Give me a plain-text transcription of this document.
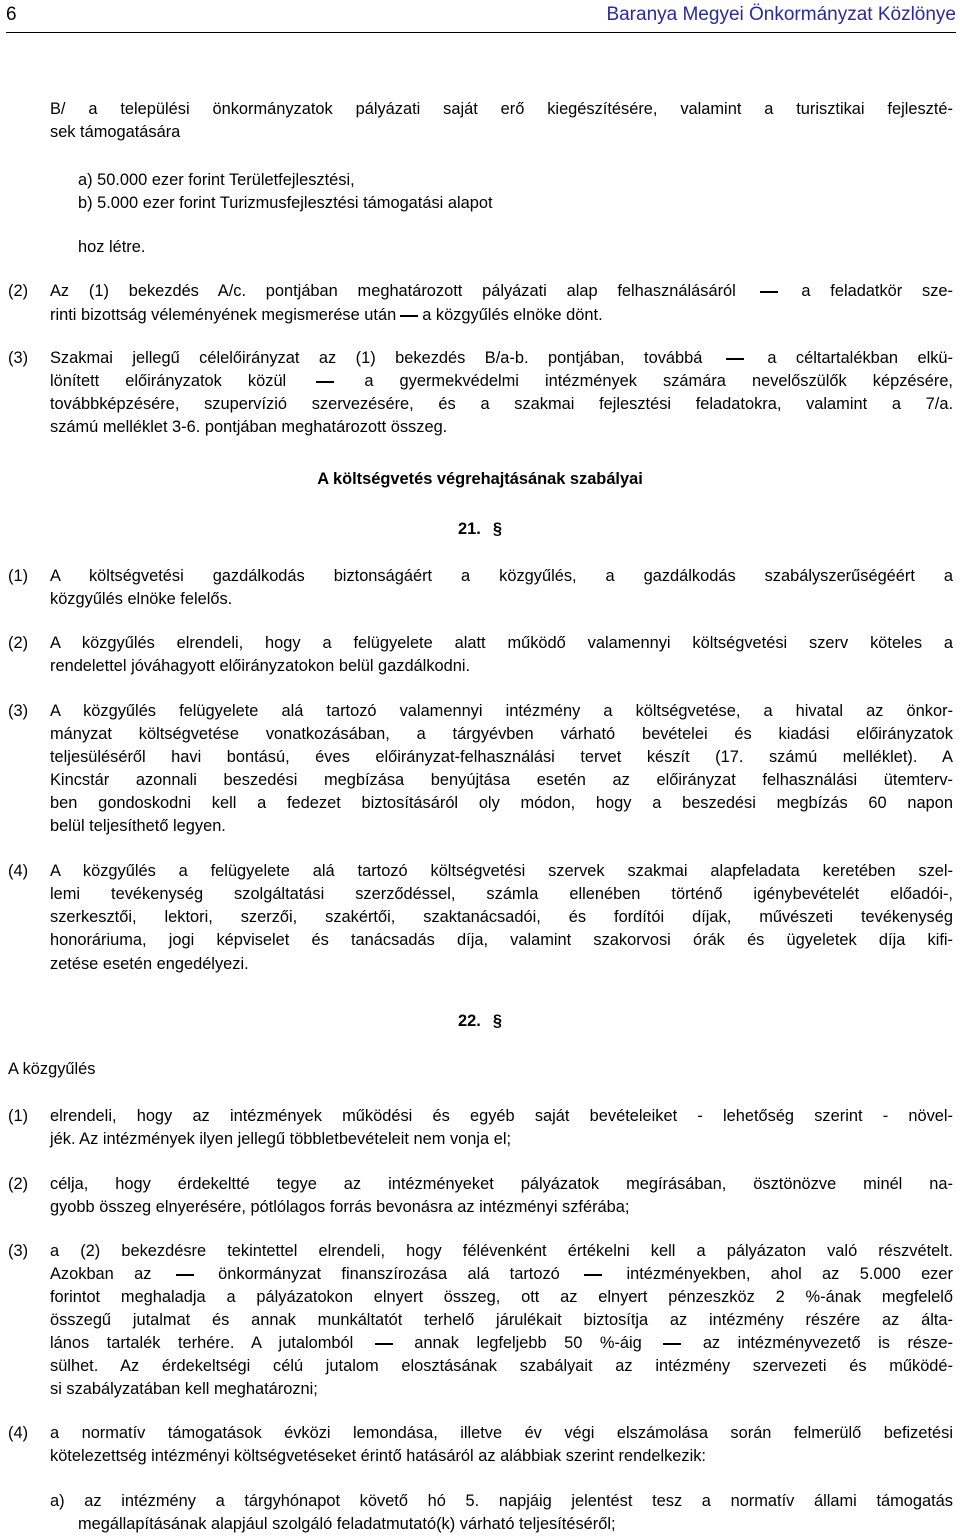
6	Baranya Megyei Önkormányzat Közlönye
B/ a települési önkormányzatok pályázati saját erő kiegészítésére, valamint a turisztikai fejleszté-
sek támogatására
a) 50.000 ezer forint Területfejlesztési,
b) 5.000 ezer forint Turizmusfejlesztési támogatási alapot
hoz létre.
(2) Az (1) bekezdés A/c. pontjában meghatározott pályázati alap felhasználásáról	a feladatkör sze-
rinti bizottság véleményének megismerése után a közgyűlés elnöke dönt.
(3) Szakmai jellegű célelőirányzat az (1) bekezdés B/a-b. pontjában, továbbá	a céltartalékban elkü-
lönített előirányzatok közül	a gyermekvédelmi intézmények számára nevelőszülők képzésére,
továbbképzésére, szupervízió szervezésére, és a szakmai fejlesztési feladatokra, valamint a 7/a.
számú melléklet 3-6. pontjában meghatározott összeg.
A költségvetés végrehajtásának szabályai
21. §
(1) A költségvetési gazdálkodás biztonságáért a közgyűlés, a gazdálkodás szabályszerűségéért a
közgyűlés elnöke felelős.
(2) A közgyűlés elrendeli, hogy a felügyelete alatt működő valamennyi költségvetési szerv köteles a
rendelettel jóváhagyott előirányzatokon belül gazdálkodni.
(3) A közgyűlés felügyelete alá tartozó valamennyi intézmény a költségvetése, a hivatal az önkor-
mányzat költségvetése vonatkozásában, a tárgyévben várható bevételei és kiadási előirányzatok
teljesüléséről havi bontású, éves előirányzat-felhasználási tervet készít (17. számú melléklet). A
Kincstár azonnali beszedési megbízása benyújtása esetén az előirányzat felhasználási ütemterv-
ben gondoskodni kell a fedezet biztosításáról oly módon, hogy a beszedési megbízás 60 napon
belül teljesíthető legyen.
(4) A közgyűlés a felügyelete alá tartozó költségvetési szervek szakmai alapfeladata keretében szel-
lemi tevékenység szolgáltatási szerződéssel, számla ellenében történő igénybevételét előadói-,
szerkesztői, lektori, szerzői, szakértői, szaktanácsadói, és fordítói díjak, művészeti tevékenység
honoráriuma, jogi képviselet és tanácsadás díja, valamint szakorvosi órák és ügyeletek díja kifi-
zetése esetén engedélyezi.
22. §
A közgyűlés
(1) elrendeli, hogy az intézmények működési és egyéb saját bevételeiket - lehetőség szerint - növel-
jék. Az intézmények ilyen jellegű többletbevételeit nem vonja el;
(2) célja, hogy érdekeltté tegye az intézményeket pályázatok megírásában, ösztönözve minél na-
gyobb összeg elnyerésére, pótlólagos forrás bevonásra az intézményi szférába;
(3) a (2) bekezdésre tekintettel elrendeli, hogy félévenként értékelni kell a pályázaton való részvételt.
Azokban az	önkormányzat finanszírozása alá tartozó	intézményekben, ahol az 5.000 ezer
forintot meghaladja a pályázatokon elnyert összeg, ott az elnyert pénzeszköz 2 %-ának megfelelő
összegű jutalmat és annak munkáltatót terhelő járulékait biztosítja az intézmény részére az álta-
lános tartalék terhére. A jutalomból	annak legfeljebb 50 %-áig	az intézményvezető is része-
sülhet. Az érdekeltségi célú jutalom elosztásának szabályait az intézmény szervezeti és működé-
si szabályzatában kell meghatározni;
(4) a normatív támogatások évközi lemondása, illetve év végi elszámolása során felmerülő befizetési
kötelezettség intézményi költségvetéseket érintő hatásáról az alábbiak szerint rendelkezik:
a) az intézmény a tárgyhónapot követő hó 5. napjáig jelentést tesz a normatív állami támogatás
megállapításának alapjául szolgáló feladatmutató(k) várható teljesítéséről;
